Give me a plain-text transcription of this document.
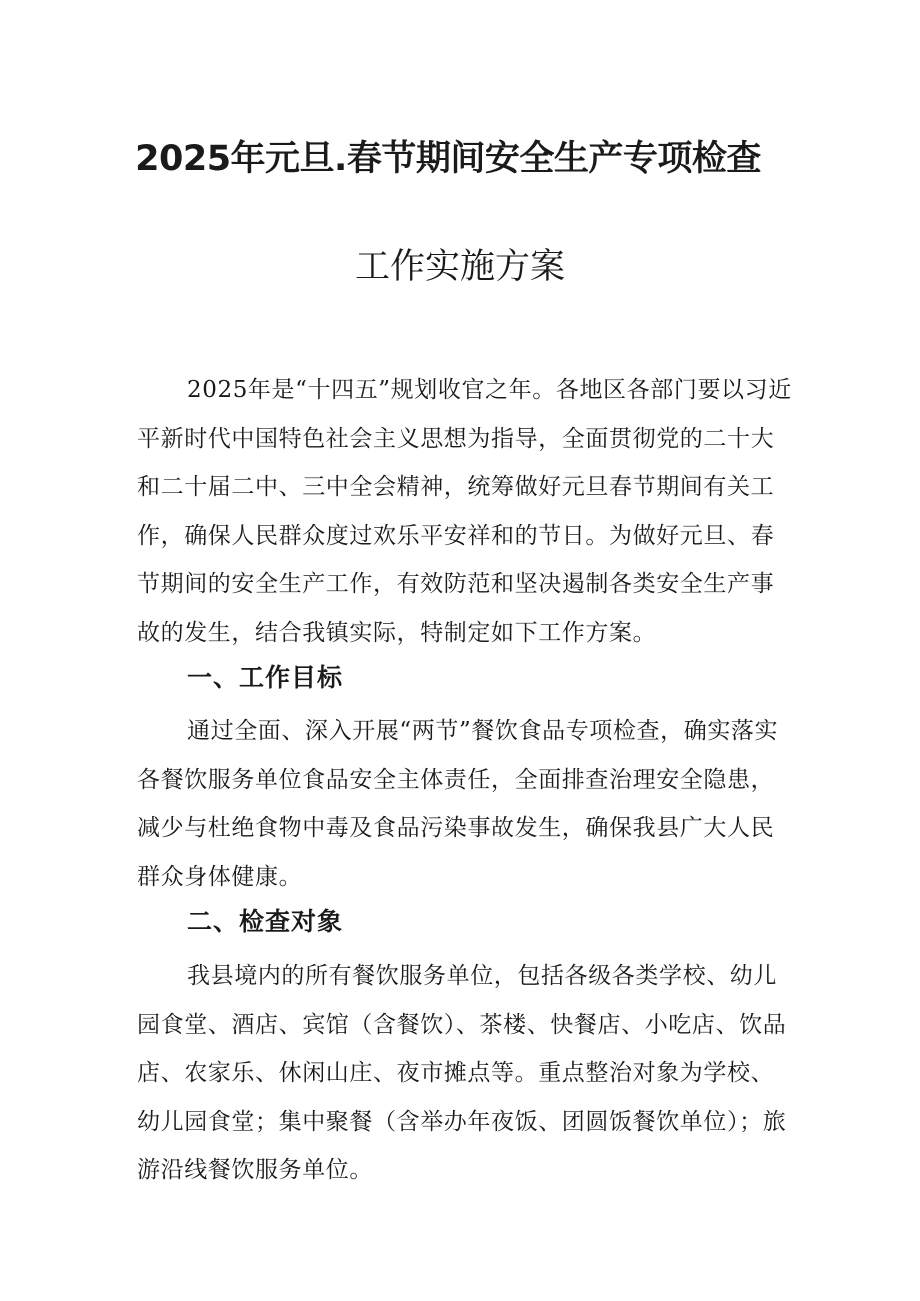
2025年元旦.春节期间安全生产专项检查
工作实施方案

2025年是“十四五”规划收官之年。各地区各部门要以习近平新时代中国特色社会主义思想为指导，全面贯彻党的二十大和二十届二中、三中全会精神，统筹做好元旦春节期间有关工作，确保人民群众度过欢乐平安祥和的节日。为做好元旦、春节期间的安全生产工作，有效防范和坚决遏制各类安全生产事故的发生，结合我镇实际，特制定如下工作方案。

一、工作目标

通过全面、深入开展“两节”餐饮食品专项检查，确实落实各餐饮服务单位食品安全主体责任，全面排查治理安全隐患，减少与杜绝食物中毒及食品污染事故发生，确保我县广大人民群众身体健康。

二、检查对象

我县境内的所有餐饮服务单位，包括各级各类学校、幼儿园食堂、酒店、宾馆（含餐饮）、茶楼、快餐店、小吃店、饮品店、农家乐、休闲山庄、夜市摊点等。重点整治对象为学校、幼儿园食堂；集中聚餐（含举办年夜饭、团圆饭餐饮单位）；旅游沿线餐饮服务单位。
